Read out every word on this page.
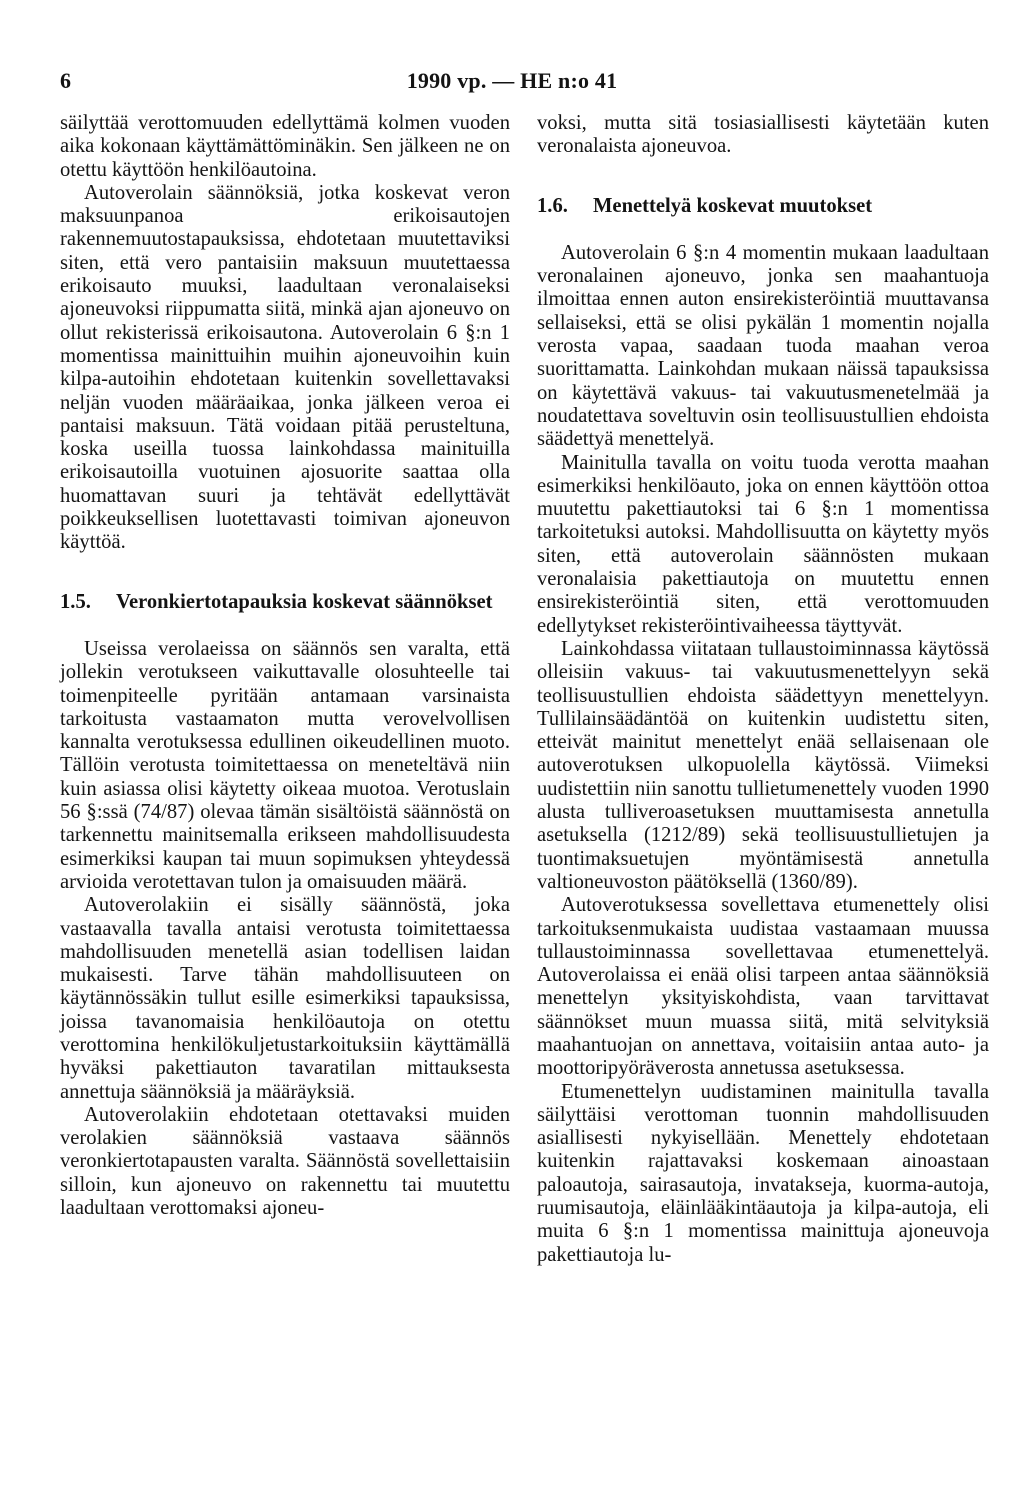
6	1990 vp. — HE n:o 41

säilyttää verottomuuden edellyttämä kolmen vuoden aika kokonaan käyttämättöminäkin. Sen jälkeen ne on otettu käyttöön henkilöautoina.

Autoverolain säännöksiä, jotka koskevat veron maksuunpanoa erikoisautojen rakennemuutostapauksissa, ehdotetaan muutettaviksi siten, että vero pantaisiin maksuun muutettaessa erikoisauto muuksi, laadultaan veronalaiseksi ajoneuvoksi riippumatta siitä, minkä ajan ajoneuvo on ollut rekisterissä erikoisautona. Autoverolain 6 §:n 1 momentissa mainittuihin muihin ajoneuvoihin kuin kilpa-autoihin ehdotetaan kuitenkin sovellettavaksi neljän vuoden määräaikaa, jonka jälkeen veroa ei pantaisi maksuun. Tätä voidaan pitää perusteltuna, koska useilla tuossa lainkohdassa mainituilla erikoisautoilla vuotuinen ajosuorite saattaa olla huomattavan suuri ja tehtävät edellyttävät poikkeuksellisen luotettavasti toimivan ajoneuvon käyttöä.

1.5.	Veronkiertotapauksia koskevat säännökset

Useissa verolaeissa on säännös sen varalta, että jollekin verotukseen vaikuttavalle olosuhteelle tai toimenpiteelle pyritään antamaan varsinaista tarkoitusta vastaamaton mutta verovelvollisen kannalta verotuksessa edullinen oikeudellinen muoto. Tällöin verotusta toimitettaessa on meneteltävä niin kuin asiassa olisi käytetty oikeaa muotoa. Verotuslain 56 §:ssä (74/87) olevaa tämän sisältöistä säännöstä on tarkennettu mainitsemalla erikseen mahdollisuudesta esimerkiksi kaupan tai muun sopimuksen yhteydessä arvioida verotettavan tulon ja omaisuuden määrä.

Autoverolakiin ei sisälly säännöstä, joka vastaavalla tavalla antaisi verotusta toimitettaessa mahdollisuuden menetellä asian todellisen laidan mukaisesti. Tarve tähän mahdollisuuteen on käytännössäkin tullut esille esimerkiksi tapauksissa, joissa tavanomaisia henkilöautoja on otettu verottomina henkilökuljetustarkoituksiin käyttämällä hyväksi pakettiauton tavaratilan mittauksesta annettuja säännöksiä ja määräyksiä.

Autoverolakiin ehdotetaan otettavaksi muiden verolakien säännöksiä vastaava säännös veronkiertotapausten varalta. Säännöstä sovellettaisiin silloin, kun ajoneuvo on rakennettu tai muutettu laadultaan verottomaksi ajoneu-

voksi, mutta sitä tosiasiallisesti käytetään kuten veronalaista ajoneuvoa.

1.6.	Menettelyä koskevat muutokset

Autoverolain 6 §:n 4 momentin mukaan laadultaan veronalainen ajoneuvo, jonka sen maahantuoja ilmoittaa ennen auton ensirekisteröintiä muuttavansa sellaiseksi, että se olisi pykälän 1 momentin nojalla verosta vapaa, saadaan tuoda maahan veroa suorittamatta. Lainkohdan mukaan näissä tapauksissa on käytettävä vakuus- tai vakuutusmenetelmää ja noudatettava soveltuvin osin teollisuustullien ehdoista säädettyä menettelyä.

Mainitulla tavalla on voitu tuoda verotta maahan esimerkiksi henkilöauto, joka on ennen käyttöön ottoa muutettu pakettiautoksi tai 6 §:n 1 momentissa tarkoitetuksi autoksi. Mahdollisuutta on käytetty myös siten, että autoverolain säännösten mukaan veronalaisia pakettiautoja on muutettu ennen ensirekisteröintiä siten, että verottomuuden edellytykset rekisteröintivaiheessa täyttyvät.

Lainkohdassa viitataan tullaustoiminnassa käytössä olleisiin vakuus- tai vakuutusmenettelyyn sekä teollisuustullien ehdoista säädettyyn menettelyyn. Tullilainsäädäntöä on kuitenkin uudistettu siten, etteivät mainitut menettelyt enää sellaisenaan ole autoverotuksen ulkopuolella käytössä. Viimeksi uudistettiin niin sanottu tullietumenettely vuoden 1990 alusta tulliveroasetuksen muuttamisesta annetulla asetuksella (1212/89) sekä teollisuustullietujen ja tuontimaksuetujen myöntämisestä annetulla valtioneuvoston päätöksellä (1360/89).

Autoverotuksessa sovellettava etumenettely olisi tarkoituksenmukaista uudistaa vastaamaan muussa tullaustoiminnassa sovellettavaa etumenettelyä. Autoverolaissa ei enää olisi tarpeen antaa säännöksiä menettelyn yksityiskohdista, vaan tarvittavat säännökset muun muassa siitä, mitä selvityksiä maahantuojan on annettava, voitaisiin antaa auto- ja moottoripyöräverosta annetussa asetuksessa.

Etumenettelyn uudistaminen mainitulla tavalla säilyttäisi verottoman tuonnin mahdollisuuden asiallisesti nykyisellään. Menettely ehdotetaan kuitenkin rajattavaksi koskemaan ainoastaan paloautoja, sairasautoja, invatakseja, kuorma-autoja, ruumisautoja, eläinlääkintäautoja ja kilpa-autoja, eli muita 6 §:n 1 momentissa mainittuja ajoneuvoja pakettiautoja lu-
